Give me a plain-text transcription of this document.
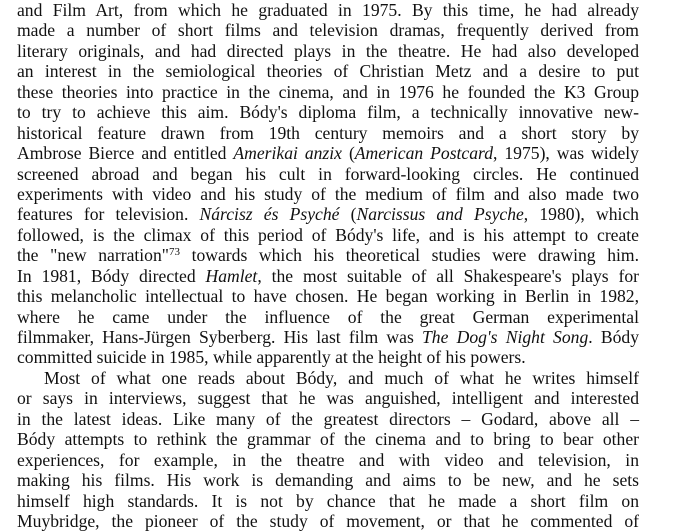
and Film Art, from which he graduated in 1975. By this time, he had already
made a number of short films and television dramas, frequently derived from
literary originals, and had directed plays in the theatre. He had also developed
an interest in the semiological theories of Christian Metz and a desire to put
these theories into practice in the cinema, and in 1976 he founded the K3 Group
to try to achieve this aim. Bódy's diploma film, a technically innovative new-
historical feature drawn from 19th century memoirs and a short story by
Ambrose Bierce and entitled Amerikai anzix (American Postcard, 1975), was widely
screened abroad and began his cult in forward-looking circles. He continued
experiments with video and his study of the medium of film and also made two
features for television. Nárcisz és Psyché (Narcissus and Psyche, 1980), which
followed, is the climax of this period of Bódy's life, and is his attempt to create
the "new narration"$^{73}$ towards which his theoretical studies were drawing him.
In 1981, Bódy directed Hamlet, the most suitable of all Shakespeare's plays for
this melancholic intellectual to have chosen. He began working in Berlin in 1982,
where he came under the influence of the great German experimental
filmmaker, Hans-Jürgen Syberberg. His last film was The Dog's Night Song. Bódy
committed suicide in 1985, while apparently at the height of his powers.
Most of what one reads about Bódy, and much of what he writes himself
or says in interviews, suggest that he was anguished, intelligent and interested
in the latest ideas. Like many of the greatest directors – Godard, above all –
Bódy attempts to rethink the grammar of the cinema and to bring to bear other
experiences, for example, in the theatre and with video and television, in
making his films. His work is demanding and aims to be new, and he sets
himself high standards. It is not by chance that he made a short film on
Muybridge, the pioneer of the study of movement, or that he commented of
